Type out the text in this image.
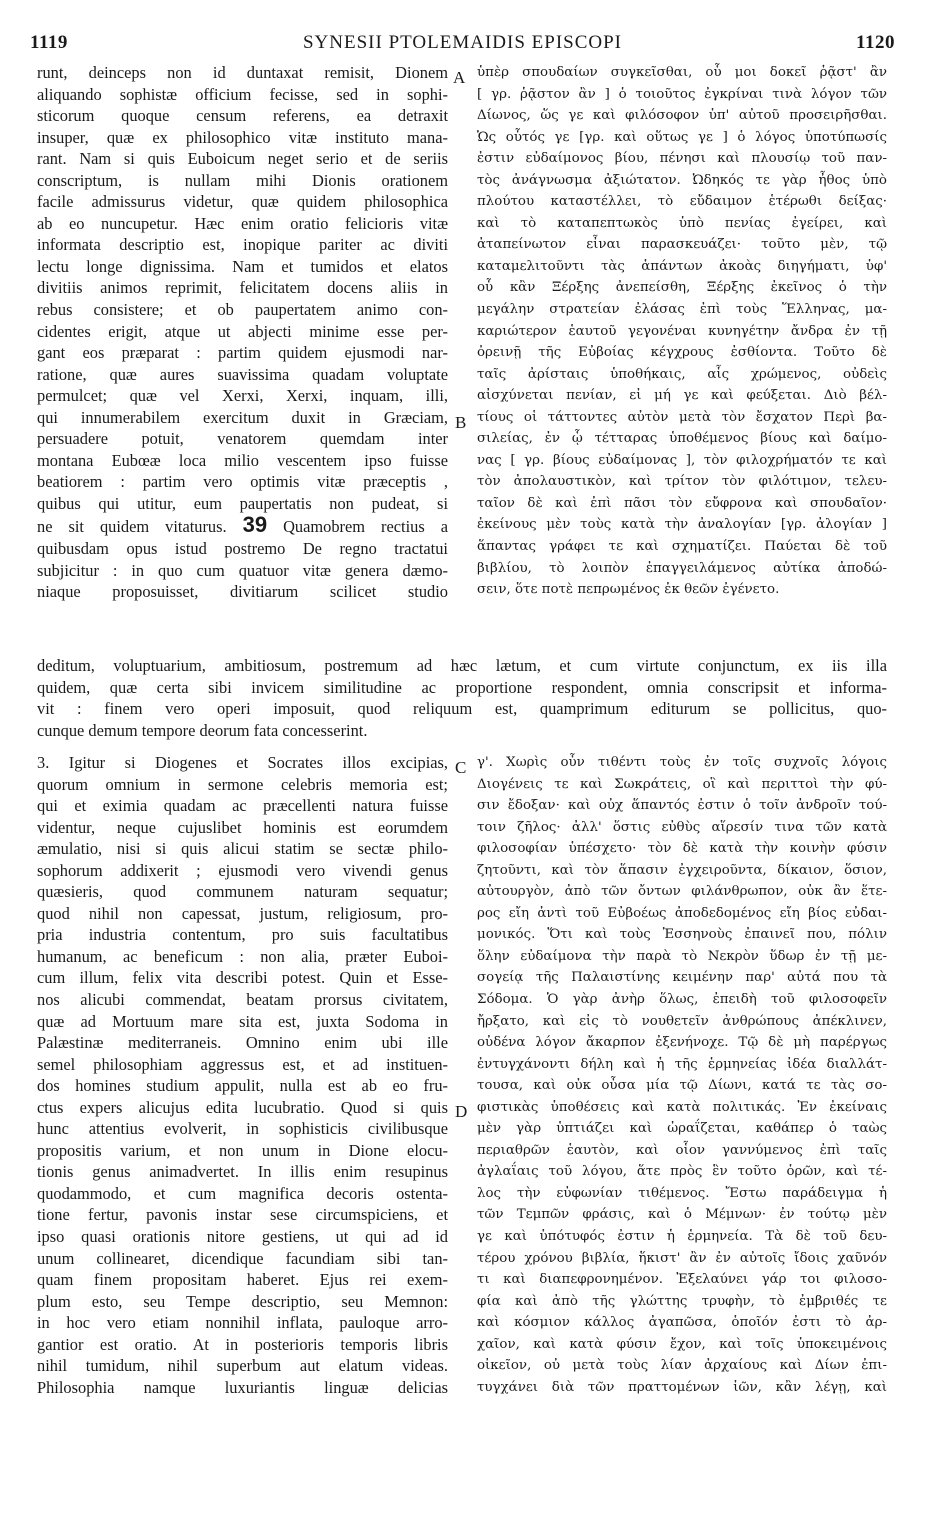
1119	SYNESII PTOLEMAIDIS EPISCOPI	1120
runt, deinceps non id duntaxat remisit, Dionem
aliquando sophistæ officium fecisse, sed in sophi-
sticorum quoque censum referens, ea detraxit
insuper, quæ ex philosophico vitæ instituto mana-
rant. Nam si quis Euboicum neget serio et de seriis
conscriptum, is nullam mihi Dionis orationem
facile admissurus videtur, quæ quidem philosophica
ab eo nuncupetur. Hæc enim oratio felicioris vitæ
informata descriptio est, inopique pariter ac diviti
lectu longe dignissima. Nam et tumidos et elatos
divitiis animos reprimit, felicitatem docens aliis in
rebus consistere; et ob paupertatem animo con-
cidentes erigit, atque ut abjecti minime esse per-
gant eos præparat : partim quidem ejusmodi nar-
ratione, quæ aures suavissima quadam voluptate
permulcet; quæ vel Xerxi, Xerxi, inquam, illi,
qui innumerabilem exercitum duxit in Græciam,
persuadere potuit, venatorem quemdam inter
montana Eubœæ loca milio vescentem ipso fuisse
beatiorem : partim vero optimis vitæ præceptis ,
quibus qui utitur, eum paupertatis non pudeat, si
ne sit quidem vitaturus. 39 Quamobrem rectius a
quibusdam opus istud postremo De regno tractatui
subjicitur : in quo cum quatuor vitæ genera dæmo-
niaque proposuisset, divitiarum scilicet studio
ὑπὲρ σπουδαίων συγκεῖσθαι, οὗ μοι δοκεῖ ῥᾷστ' ἂν
[ γρ. ῥᾷστον ἂν ] ὁ τοιοῦτος ἐγκρίναι τινὰ λόγον τῶν
Δίωνος, ὥς γε καὶ φιλόσοφον ὑπ' αὐτοῦ προσειρῆσθαι.
Ὡς οὗτός γε [γρ. καὶ οὕτως γε ] ὁ λόγος ὑποτύπωσίς
ἐστιν εὐδαίμονος βίου, πένησι καὶ πλουσίῳ τοῦ παν-
τὸς ἀνάγνωσμα ἀξιώτατον. Ὠδηκός τε γὰρ ἦθος ὑπὸ
πλούτου καταστέλλει, τὸ εὔδαιμον ἑτέρωθι δείξας·
καὶ τὸ καταπεπτωκὸς ὑπὸ πενίας ἐγείρει, καὶ
ἀταπείνωτον εἶναι παρασκευάζει· τοῦτο μὲν, τῷ
καταμελιτοῦντι τὰς ἁπάντων ἀκοὰς διηγήματι, ὑφ'
οὗ κἂν Ξέρξης ἀνεπείσθη, Ξέρξης ἐκεῖνος ὁ τὴν
μεγάλην στρατείαν ἐλάσας ἐπὶ τοὺς Ἕλληνας, μα-
καριώτερον ἑαυτοῦ γεγονέναι κυνηγέτην ἄνδρα ἐν τῇ
ὀρεινῇ τῆς Εὐβοίας κέγχρους ἐσθίοντα. Τοῦτο δὲ
ταῖς ἀρίσταις ὑποθήκαις, αἷς χρώμενος, οὐδεὶς
αἰσχύνεται πενίαν, εἰ μή γε καὶ φεύξεται. Διὸ βέλ-
τίους οἱ τάττοντες αὐτὸν μετὰ τὸν ἔσχατον Περὶ βα-
σιλείας, ἐν ᾧ τέτταρας ὑποθέμενος βίους καὶ δαίμο-
νας [ γρ. βίους εὐδαίμονας ], τὸν φιλοχρήματόν τε καὶ
τὸν ἀπολαυστικὸν, καὶ τρίτον τὸν φιλότιμον, τελευ-
ταῖον δὲ καὶ ἐπὶ πᾶσι τὸν εὔφρονα καὶ σπουδαῖον·
ἐκείνους μὲν τοὺς κατὰ τὴν ἀναλογίαν [γρ. ἀλογίαν ]
ἅπαντας γράφει τε καὶ σχηματίζει. Παύεται δὲ τοῦ
βιβλίου, τὸ λοιπὸν ἐπαγγειλάμενος αὐτίκα ἀποδώ-
σειν, ὅτε ποτὲ πεπρωμένος ἐκ θεῶν ἐγένετο.
A
B
C
D
deditum, voluptuarium, ambitiosum, postremum ad hæc lætum, et cum virtute conjunctum, ex iis illa
quidem, quæ certa sibi invicem similitudine ac proportione respondent, omnia conscripsit et informa-
vit : finem vero operi imposuit, quod reliquum est, quamprimum editurum se pollicitus, quo-
cunque demum tempore deorum fata concesserint.
3. Igitur si Diogenes et Socrates illos excipias,
quorum omnium in sermone celebris memoria est;
qui et eximia quadam ac præcellenti natura fuisse
videntur, neque cujuslibet hominis est eorumdem
æmulatio, nisi si quis alicui statim se sectæ philo-
sophorum addixerit ; ejusmodi vero vivendi genus
quæsieris, quod communem naturam sequatur;
quod nihil non capessat, justum, religiosum, pro-
pria industria contentum, pro suis facultatibus
humanum, ac beneficum : non alia, præter Euboi-
cum illum, felix vita describi potest. Quin et Esse-
nos alicubi commendat, beatam prorsus civitatem,
quæ ad Mortuum mare sita est, juxta Sodoma in
Palæstinæ mediterraneis. Omnino enim ubi ille
semel philosophiam aggressus est, et ad instituen-
dos homines studium appulit, nulla est ab eo fru-
ctus expers alicujus edita lucubratio. Quod si quis
hunc attentius evolverit, in sophisticis civilibusque
propositis varium, et non unum in Dione elocu-
tionis genus animadvertet. In illis enim resupinus
quodammodo, et cum magnifica decoris ostenta-
tione fertur, pavonis instar sese circumspiciens, et
ipso quasi orationis nitore gestiens, ut qui ad id
unum collinearet, dicendique facundiam sibi tan-
quam finem propositam haberet. Ejus rei exem-
plum esto, seu Tempe descriptio, seu Memnon:
in hoc vero etiam nonnihil inflata, pauloque arro-
gantior est oratio. At in posterioris temporis libris
nihil tumidum, nihil superbum aut elatum videas.
Philosophia namque luxuriantis linguæ delicias
γ'. Χωρὶς οὖν τιθέντι τοὺς ἐν τοῖς συχνοῖς λόγοις
Διογένεις τε καὶ Σωκράτεις, οἳ καὶ περιττοὶ τὴν φύ-
σιν ἔδοξαν· καὶ οὐχ ἅπαντός ἐστιν ὁ τοῖν ἀνδροῖν τού-
τοιν ζῆλος· ἀλλ' ὅστις εὐθὺς αἵρεσίν τινα τῶν κατὰ
φιλοσοφίαν ὑπέσχετο· τὸν δὲ κατὰ τὴν κοινὴν φύσιν
ζητοῦντι, καὶ τὸν ἅπασιν ἐγχειροῦντα, δίκαιον, ὅσιον,
αὐτουργὸν, ἀπὸ τῶν ὄντων φιλάνθρωπον, οὐκ ἂν ἕτε-
ρος εἴη ἀντὶ τοῦ Εὐβοέως ἀποδεδομένος εἴη βίος εὐδαι-
μονικός. Ὅτι καὶ τοὺς Ἐσσηνοὺς ἐπαινεῖ που, πόλιν
ὅλην εὐδαίμονα τὴν παρὰ τὸ Νεκρὸν ὕδωρ ἐν τῇ με-
σογείᾳ τῆς Παλαιστίνης κειμένην παρ' αὐτά που τὰ
Σόδομα. Ὁ γὰρ ἀνὴρ ὅλως, ἐπειδὴ τοῦ φιλοσοφεῖν
ἤρξατο, καὶ εἰς τὸ νουθετεῖν ἀνθρώπους ἀπέκλινεν,
οὐδένα λόγον ἄκαρπον ἐξενήνοχε. Τῷ δὲ μὴ παρέργως
ἐντυγχάνοντι δήλη καὶ ἡ τῆς ἑρμηνείας ἰδέα διαλλάτ-
τουσα, καὶ οὐκ οὖσα μία τῷ Δίωνι, κατά τε τὰς σο-
φιστικὰς ὑποθέσεις καὶ κατὰ πολιτικάς. Ἐν ἐκείναις
μὲν γὰρ ὑπτιάζει καὶ ὡραΐζεται, καθάπερ ὁ ταὼς
περιαθρῶν ἑαυτὸν, καὶ οἷον γαννύμενος ἐπὶ ταῖς
ἀγλαΐαις τοῦ λόγου, ἅτε πρὸς ἓν τοῦτο ὁρῶν, καὶ τέ-
λος τὴν εὐφωνίαν τιθέμενος. Ἔστω παράδειγμα ἡ
τῶν Τεμπῶν φράσις, καὶ ὁ Μέμνων· ἐν τούτῳ μὲν
γε καὶ ὑπότυφός ἐστιν ἡ ἑρμηνεία. Τὰ δὲ τοῦ δευ-
τέρου χρόνου βιβλία, ἥκιστ' ἂν ἐν αὐτοῖς ἴδοις χαῦνόν
τι καὶ διαπεφρονημένον. Ἐξελαύνει γάρ τοι φιλοσο-
φία καὶ ἀπὸ τῆς γλώττης τρυφὴν, τὸ ἐμβριθές τε
καὶ κόσμιον κάλλος ἀγαπῶσα, ὁποῖόν ἐστι τὸ ἀρ-
χαῖον, καὶ κατὰ φύσιν ἔχον, καὶ τοῖς ὑποκειμένοις
οἰκεῖον, οὐ μετὰ τοὺς λίαν ἀρχαίους καὶ Δίων ἐπι-
τυγχάνει διὰ τῶν πραττομένων ἰῶν, κἂν λέγῃ, καὶ
